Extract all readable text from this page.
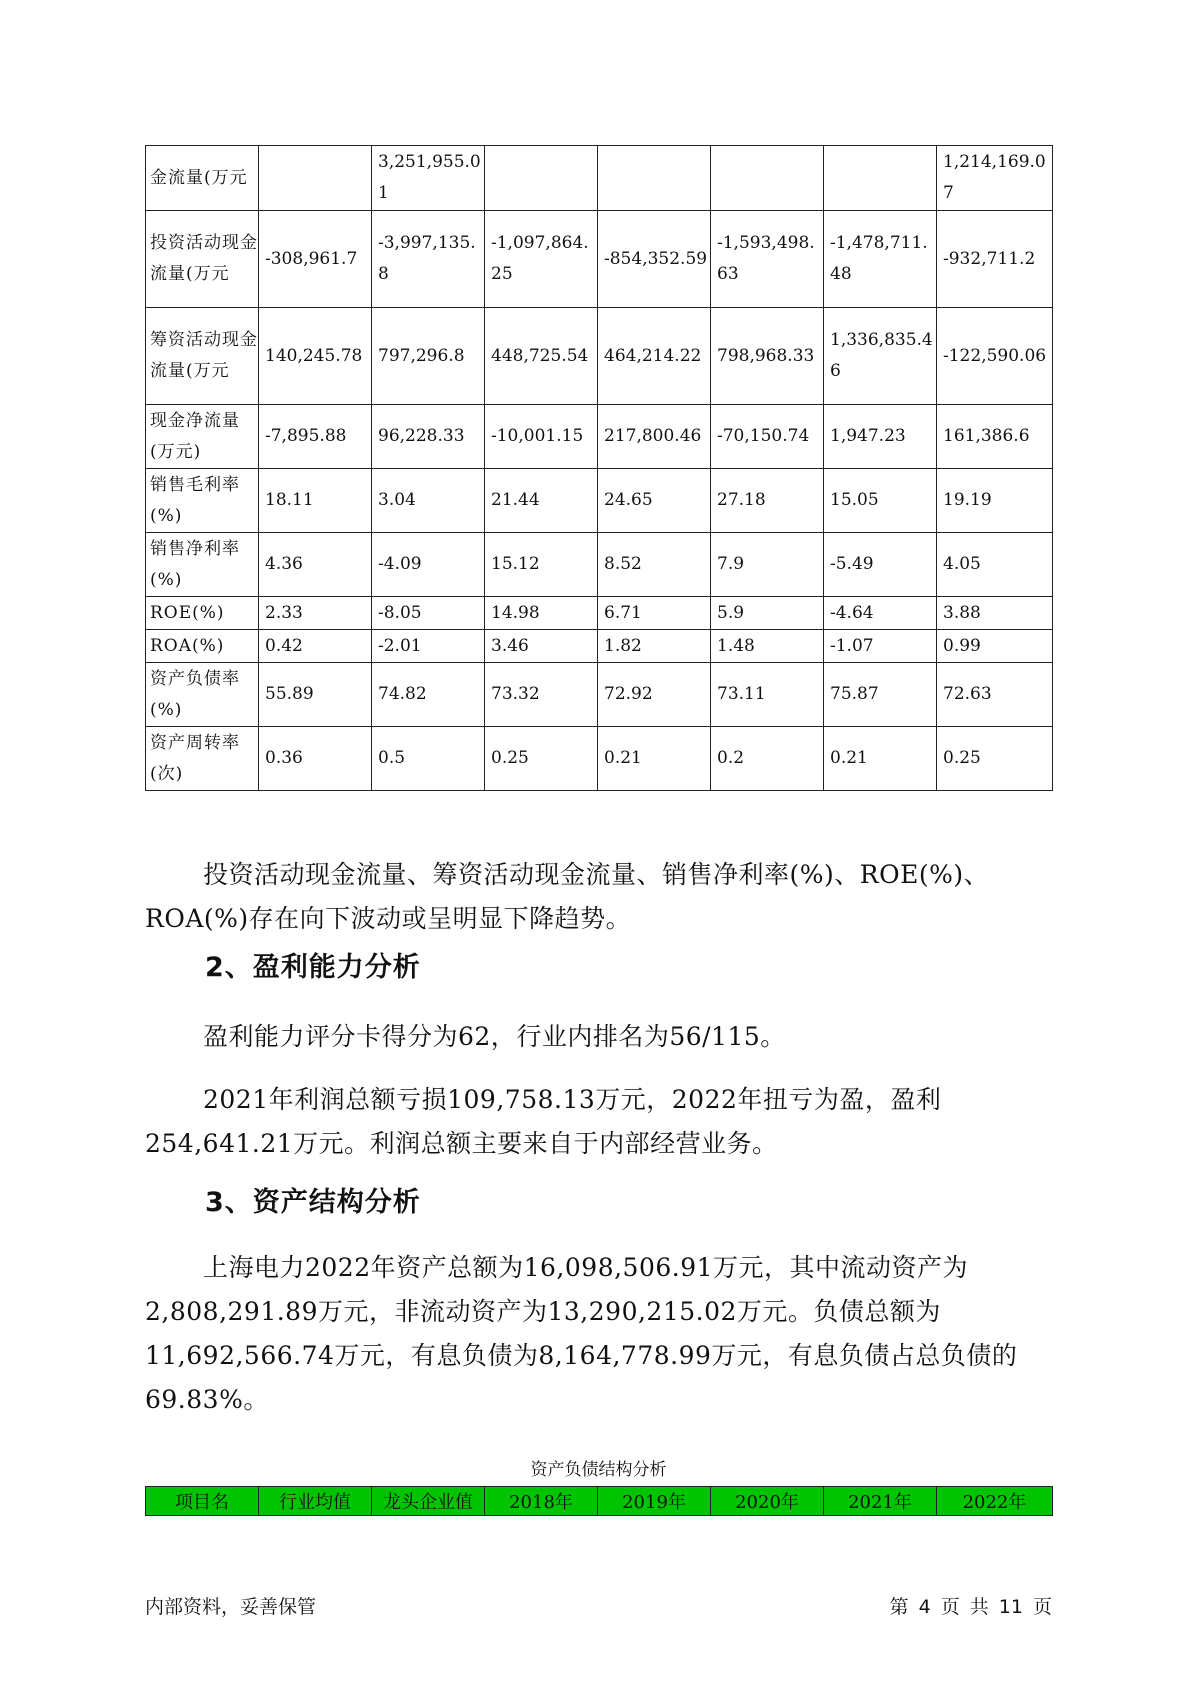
金流量(万元		3,251,955.01					1,214,169.07
投资活动现金流量(万元	-308,961.7	-3,997,135.8	-1,097,864.25	-854,352.59	-1,593,498.63	-1,478,711.48	-932,711.2
筹资活动现金流量(万元	140,245.78	797,296.8	448,725.54	464,214.22	798,968.33	1,336,835.46	-122,590.06
现金净流量(万元)	-7,895.88	96,228.33	-10,001.15	217,800.46	-70,150.74	1,947.23	161,386.6
销售毛利率(%)	18.11	3.04	21.44	24.65	27.18	15.05	19.19
销售净利率(%)	4.36	-4.09	15.12	8.52	7.9	-5.49	4.05
ROE(%)	2.33	-8.05	14.98	6.71	5.9	-4.64	3.88
ROA(%)	0.42	-2.01	3.46	1.82	1.48	-1.07	0.99
资产负债率(%)	55.89	74.82	73.32	72.92	73.11	75.87	72.63
资产周转率(次)	0.36	0.5	0.25	0.21	0.2	0.21	0.25
投资活动现金流量、筹资活动现金流量、销售净利率(%)、ROE(%)、ROA(%)存在向下波动或呈明显下降趋势。
2、盈利能力分析
盈利能力评分卡得分为62，行业内排名为56/115。
2021年利润总额亏损109,758.13万元，2022年扭亏为盈，盈利254,641.21万元。利润总额主要来自于内部经营业务。
3、资产结构分析
上海电力2022年资产总额为16,098,506.91万元，其中流动资产为2,808,291.89万元，非流动资产为13,290,215.02万元。负债总额为11,692,566.74万元，有息负债为8,164,778.99万元，有息负债占总负债的69.83%。
资产负债结构分析
项目名	行业均值	龙头企业值	2018年	2019年	2020年	2021年	2022年
内部资料，妥善保管	第 4 页 共 11 页
